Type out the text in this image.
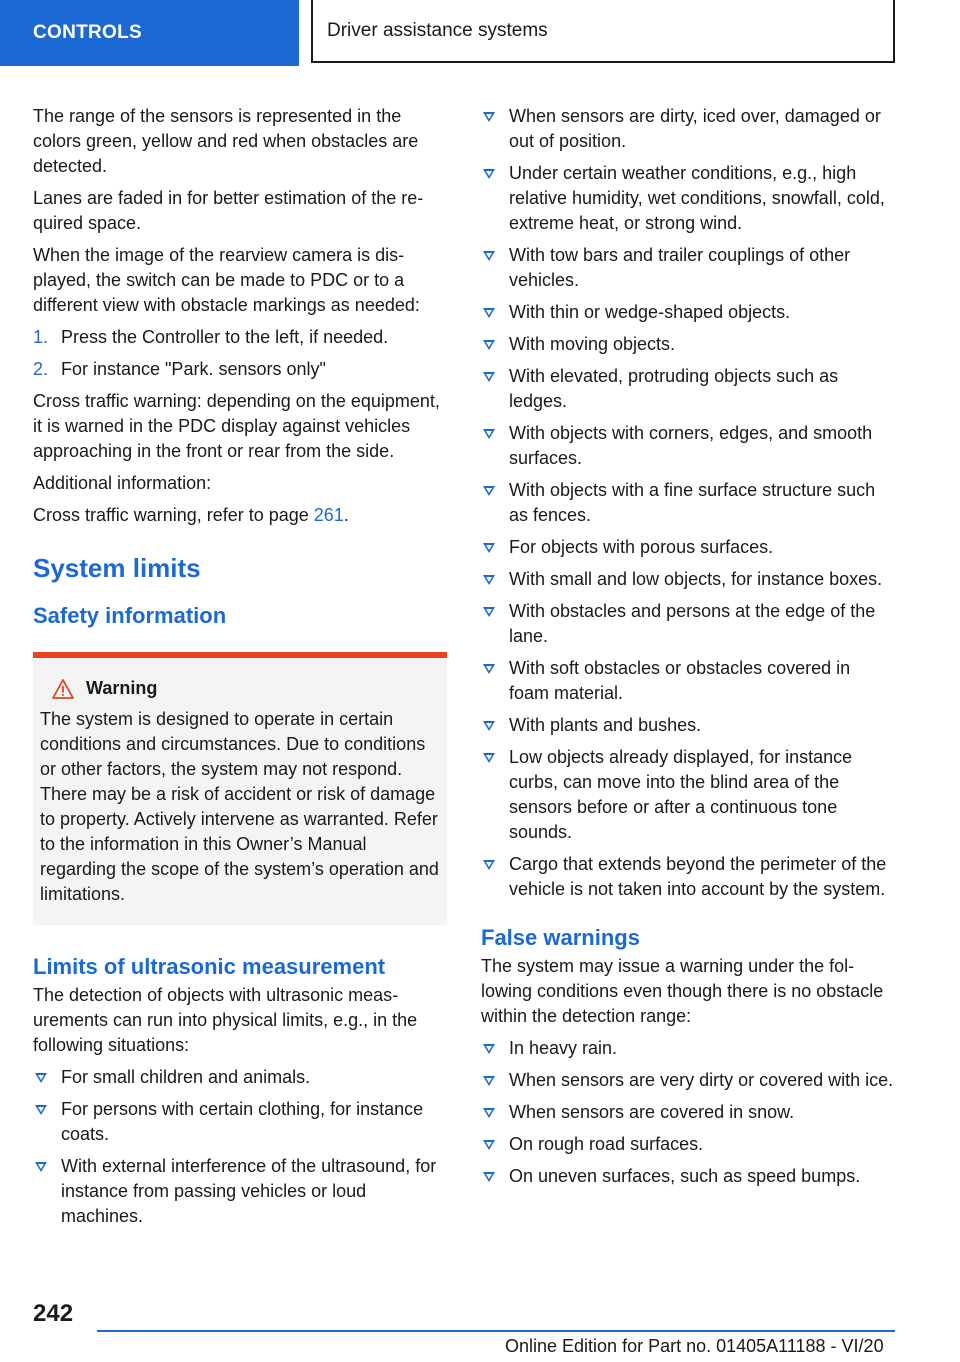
CONTROLS	Driver assistance systems

The range of the sensors is represented in the colors green, yellow and red when obstacles are detected.

Lanes are faded in for better estimation of the required space.

When the image of the rearview camera is displayed, the switch can be made to PDC or to a different view with obstacle markings as needed:

1. Press the Controller to the left, if needed.
2. For instance "Park. sensors only"

Cross traffic warning: depending on the equipment, it is warned in the PDC display against vehicles approaching in the front or rear from the side.

Additional information:

Cross traffic warning, refer to page 261.

System limits
Safety information
Warning
The system is designed to operate in certain conditions and circumstances. Due to conditions or other factors, the system may not respond. There may be a risk of accident or risk of damage to property. Actively intervene as warranted. Refer to the information in this Owner’s Manual regarding the scope of the system’s operation and limitations.
Limits of ultrasonic measurement

The detection of objects with ultrasonic measurements can run into physical limits, e.g., in the following situations:

For small children and animals.
For persons with certain clothing, for instance coats.
With external interference of the ultrasound, for instance from passing vehicles or loud machines.
When sensors are dirty, iced over, damaged or out of position.
Under certain weather conditions, e.g., high relative humidity, wet conditions, snowfall, cold, extreme heat, or strong wind.
With tow bars and trailer couplings of other vehicles.
With thin or wedge-shaped objects.
With moving objects.
With elevated, protruding objects such as ledges.
With objects with corners, edges, and smooth surfaces.
With objects with a fine surface structure such as fences.
For objects with porous surfaces.
With small and low objects, for instance boxes.
With obstacles and persons at the edge of the lane.
With soft obstacles or obstacles covered in foam material.
With plants and bushes.
Low objects already displayed, for instance curbs, can move into the blind area of the sensors before or after a continuous tone sounds.
Cargo that extends beyond the perimeter of the vehicle is not taken into account by the system.
False warnings

The system may issue a warning under the following conditions even though there is no obstacle within the detection range:

In heavy rain.
When sensors are very dirty or covered with ice.
When sensors are covered in snow.
On rough road surfaces.
On uneven surfaces, such as speed bumps.
242
Online Edition for Part no. 01405A11188 - VI/20
